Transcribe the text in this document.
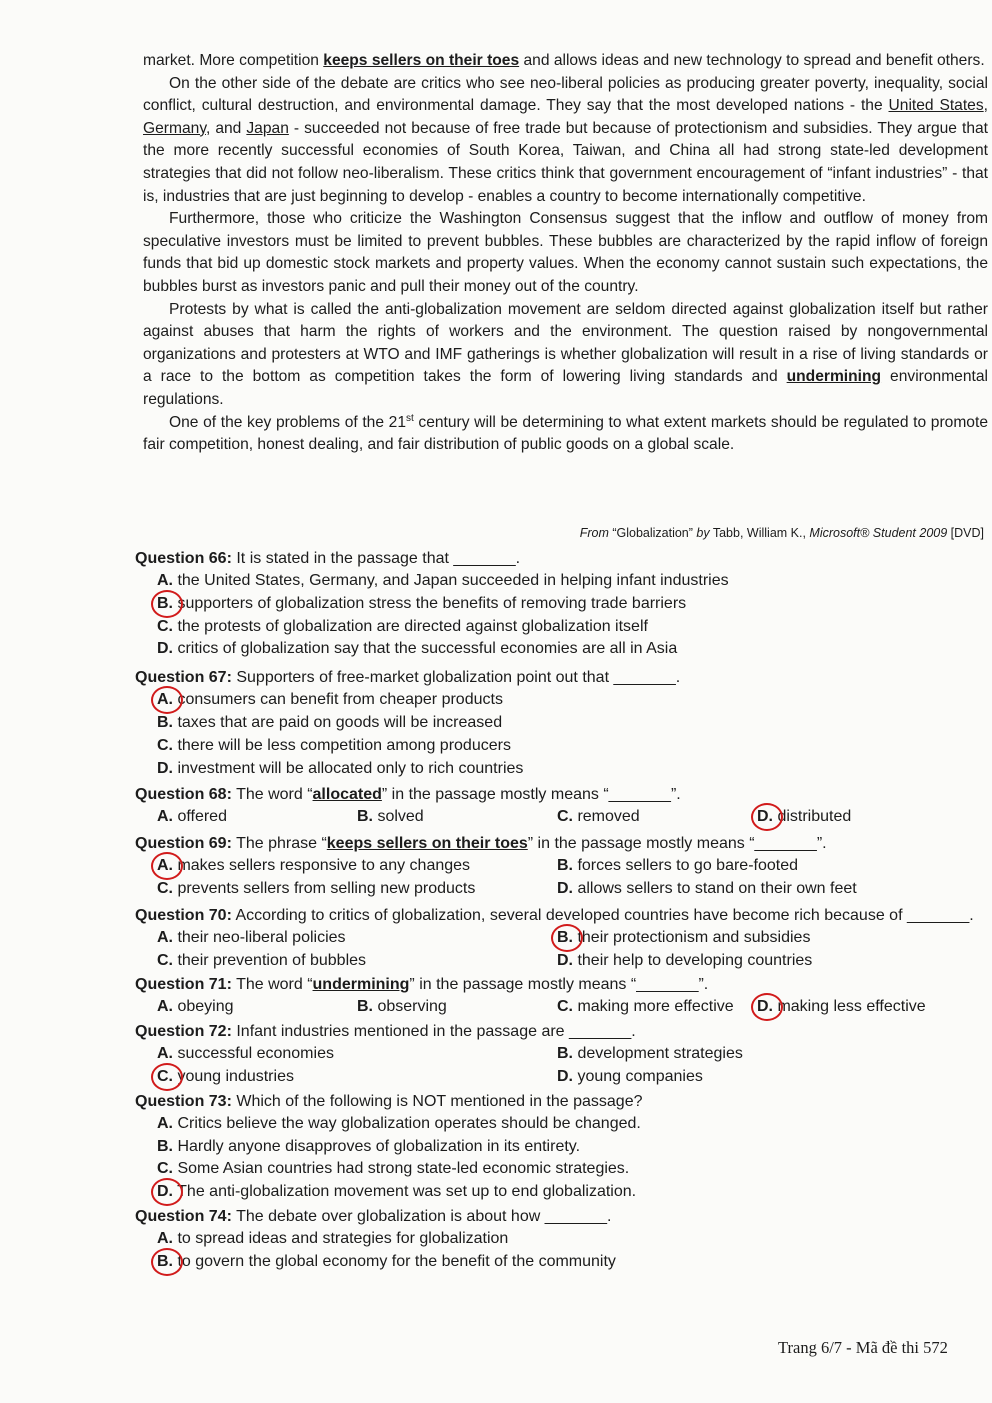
market. More competition keeps sellers on their toes and allows ideas and new technology to spread and benefit others.

On the other side of the debate are critics who see neo-liberal policies as producing greater poverty, inequality, social conflict, cultural destruction, and environmental damage. They say that the most developed nations - the United States, Germany, and Japan - succeeded not because of free trade but because of protectionism and subsidies. They argue that the more recently successful economies of South Korea, Taiwan, and China all had strong state-led development strategies that did not follow neo-liberalism. These critics think that government encouragement of “infant industries” - that is, industries that are just beginning to develop - enables a country to become internationally competitive.

Furthermore, those who criticize the Washington Consensus suggest that the inflow and outflow of money from speculative investors must be limited to prevent bubbles. These bubbles are characterized by the rapid inflow of foreign funds that bid up domestic stock markets and property values. When the economy cannot sustain such expectations, the bubbles burst as investors panic and pull their money out of the country.

Protests by what is called the anti-globalization movement are seldom directed against globalization itself but rather against abuses that harm the rights of workers and the environment. The question raised by nongovernmental organizations and protesters at WTO and IMF gatherings is whether globalization will result in a rise of living standards or a race to the bottom as competition takes the form of lowering living standards and undermining environmental regulations.

One of the key problems of the 21st century will be determining to what extent markets should be regulated to promote fair competition, honest dealing, and fair distribution of public goods on a global scale.

From “Globalization” by Tabb, William K., Microsoft® Student 2009 [DVD]
Question 66: It is stated in the passage that _______.
A. the United States, Germany, and Japan succeeded in helping infant industries
B. supporters of globalization stress the benefits of removing trade barriers
C. the protests of globalization are directed against globalization itself
D. critics of globalization say that the successful economies are all in Asia
Question 67: Supporters of free-market globalization point out that _______.
A. consumers can benefit from cheaper products
B. taxes that are paid on goods will be increased
C. there will be less competition among producers
D. investment will be allocated only to rich countries
Question 68: The word “allocated” in the passage mostly means “_______”.
A. offered	B. solved	C. removed	D. distributed
Question 69: The phrase “keeps sellers on their toes” in the passage mostly means “_______”.
A. makes sellers responsive to any changes	B. forces sellers to go bare-footed
C. prevents sellers from selling new products	D. allows sellers to stand on their own feet
Question 70: According to critics of globalization, several developed countries have become rich because of _______.
A. their neo-liberal policies	B. their protectionism and subsidies
C. their prevention of bubbles	D. their help to developing countries
Question 71: The word “undermining” in the passage mostly means “_______”.
A. obeying	B. observing	C. making more effective	D. making less effective
Question 72: Infant industries mentioned in the passage are _______.
A. successful economies	B. development strategies
C. young industries	D. young companies
Question 73: Which of the following is NOT mentioned in the passage?
A. Critics believe the way globalization operates should be changed.
B. Hardly anyone disapproves of globalization in its entirety.
C. Some Asian countries had strong state-led economic strategies.
D. The anti-globalization movement was set up to end globalization.
Question 74: The debate over globalization is about how _______.
A. to spread ideas and strategies for globalization
B. to govern the global economy for the benefit of the community
Trang 6/7 - Mã đề thi 572
